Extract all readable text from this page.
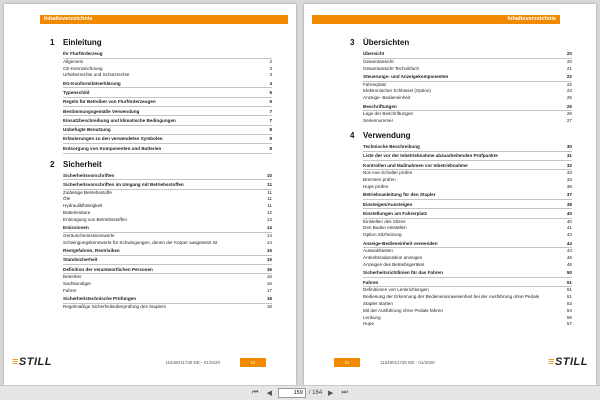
Inhaltsverzeichnis
1	Einleitung
Ihr Flurförderzeug
Allgemein	2
CE-Kennzeichnung	3
Urheberrechte und Schutzrechte	3
EG-Konformitätserklärung	4
Typenschild	5
Regeln für Betreiber von Flurförderzeugen	6
Bestimmungsgemäße Verwendung	7
Einsatzbeschreibung und klimatische Bedingungen	7
Unbefugte Benutzung	8
Erläuterungen zu den verwendeten Symbolen	8
Entsorgung von Komponenten und Batterien	8
2	Sicherheit
Sicherheitsvorschriften	10
Sicherheitsvorschriften im Umgang mit Betriebsstoffen	11
Zulässige Betriebsstoffe	11
Öle	11
Hydraulikflüssigkeit	11
Batteriesäure	12
Entsorgung von Betriebsstoffen	13
Emissionen	14
Geräuschemissionswerte	14
Schwingungskennwerte für Schwingungen, denen der Körper ausgesetzt ist	14
Restgefahren, Restrisiken	15
Standsicherheit	15
Definition der verantwortlichen Personen	16
Betreiber	16
Sachkundiger	16
Fahrer	17
Sicherheitstechnische Prüfungen	18
Regelmäßige Sicherheitsüberprüfung des Staplers	18
11648011730 DE - 01/2020	III
≡STILL
Inhaltsverzeichnis
3	Übersichten
Übersicht	20
Gesamtansicht	20
Gesamtansicht Technikfach	21
Steuerungs- und Anzeigekomponenten	22
Fahrerplatz	22
Elektronischer Schlüssel (Option)	23
Anzeige- Bedieneinheit	25
Beschriftungen	26
Lage der Beschriftungen	26
Seriennummer	27
4	Verwendung
Technische Beschreibung	30
Liste der vor der Inbetriebnahme abzuarbeitenden Prüfpunkte	31
Kontrollen und Maßnahmen vor Inbetriebnahme	32
Not-Aus-Schalter prüfen	33
Bremsen prüfen	33
Hupe prüfen	36
Betriebsanleitung für den Stapler	37
Einsteigen/Aussteigen	38
Einstellungen am Fahrerplatz	40
Einstellen des Sitzes	40
Den Boden einstellen	41
Option Sitzheizung	43
Anzeige-Bedieneinheit verwenden	44
Auswahltasten	44
Antriebsradposition anzeigen	46
Anzeigen des Betriebsgerätes	46
Sicherheitsrichtlinien für das Fahren	50
Fahren	51
Definitionen von Lenkrichtungen	51
Bedienung der Erkennung der Bedienerannwesenheit bei der Ausführung ohne Pedale	51
Stapler starten	53
Mit der Ausführung ohne Pedale fahren	54
Lenkung	56
Hupe	57
IV	11648011730 DE - 01/2020	≡STILL
⏮	◀
159	/ 164 ▶	⏭
